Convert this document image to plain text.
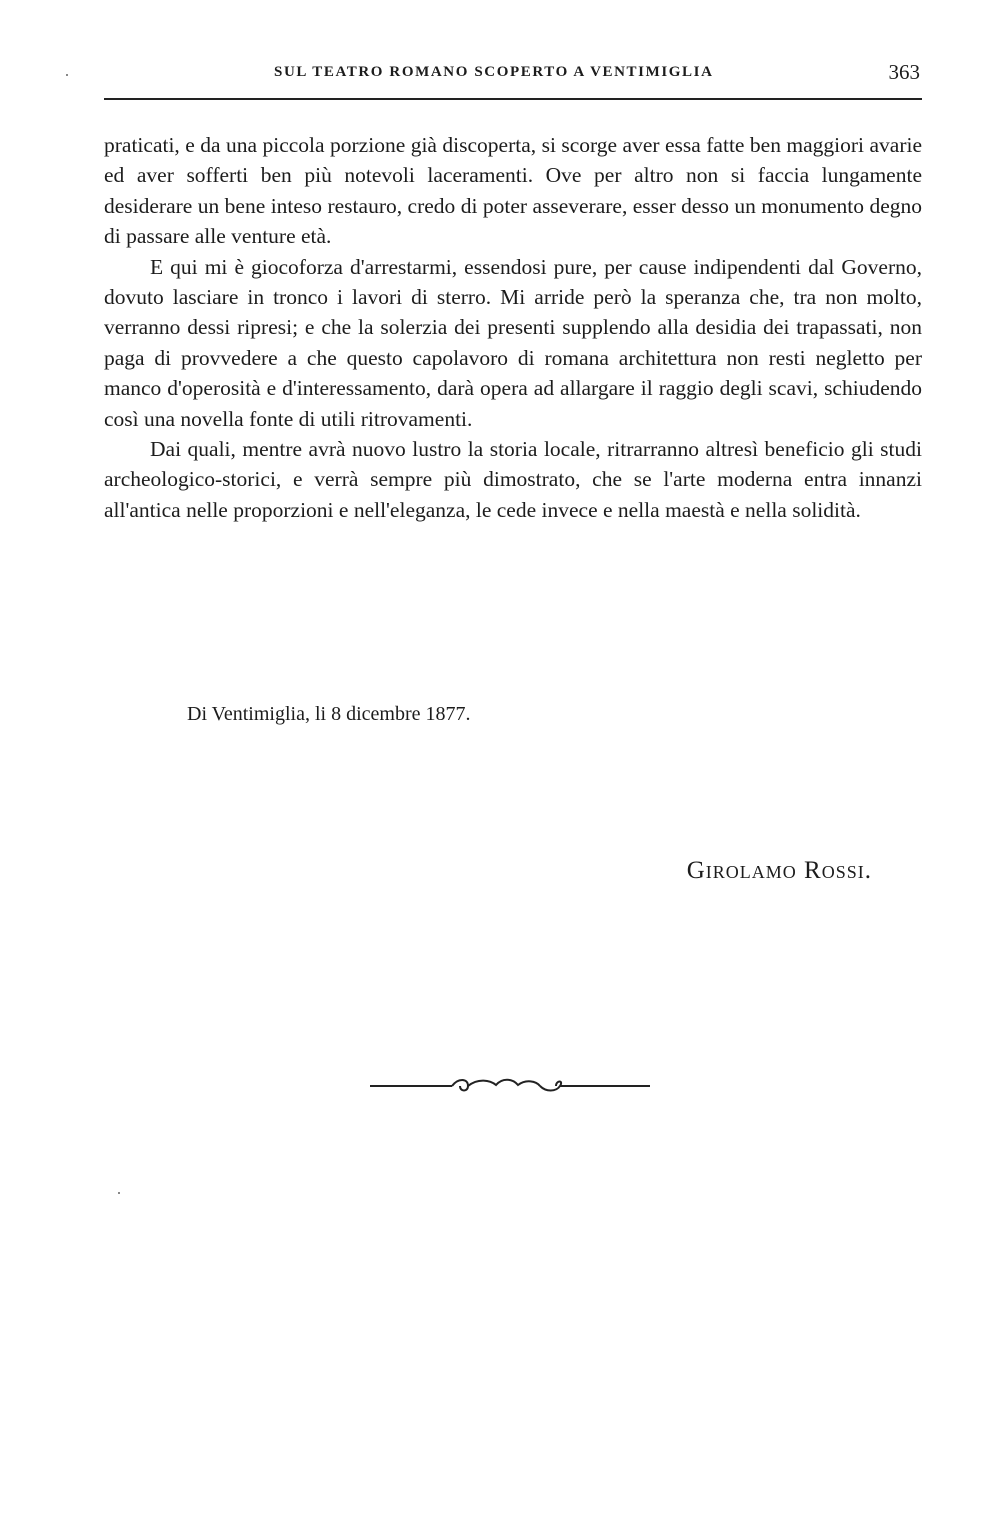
SUL TEATRO ROMANO SCOPERTO A VENTIMIGLIA	363

praticati, e da una piccola porzione già discoperta, si scorge aver essa fatte ben maggiori avarie ed aver sofferti ben più notevoli laceramenti. Ove per altro non si faccia lungamente desiderare un bene inteso restauro, credo di poter asseverare, esser desso un monumento degno di passare alle venture età.

E qui mi è giocoforza d'arrestarmi, essendosi pure, per cause indipendenti dal Governo, dovuto lasciare in tronco i lavori di sterro. Mi arride però la speranza che, tra non molto, verranno dessi ripresi; e che la solerzia dei presenti supplendo alla desidia dei trapassati, non paga di provvedere a che questo capolavoro di romana architettura non resti negletto per manco d'operosità e d'interessamento, darà opera ad allargare il raggio degli scavi, schiudendo così una novella fonte di utili ritrovamenti.

Dai quali, mentre avrà nuovo lustro la storia locale, ritrarranno altresì beneficio gli studi archeologico-storici, e verrà sempre più dimostrato, che se l'arte moderna entra innanzi all'antica nelle proporzioni e nell'eleganza, le cede invece e nella maestà e nella solidità.

Di Ventimiglia, li 8 dicembre 1877.
Girolamo Rossi.
